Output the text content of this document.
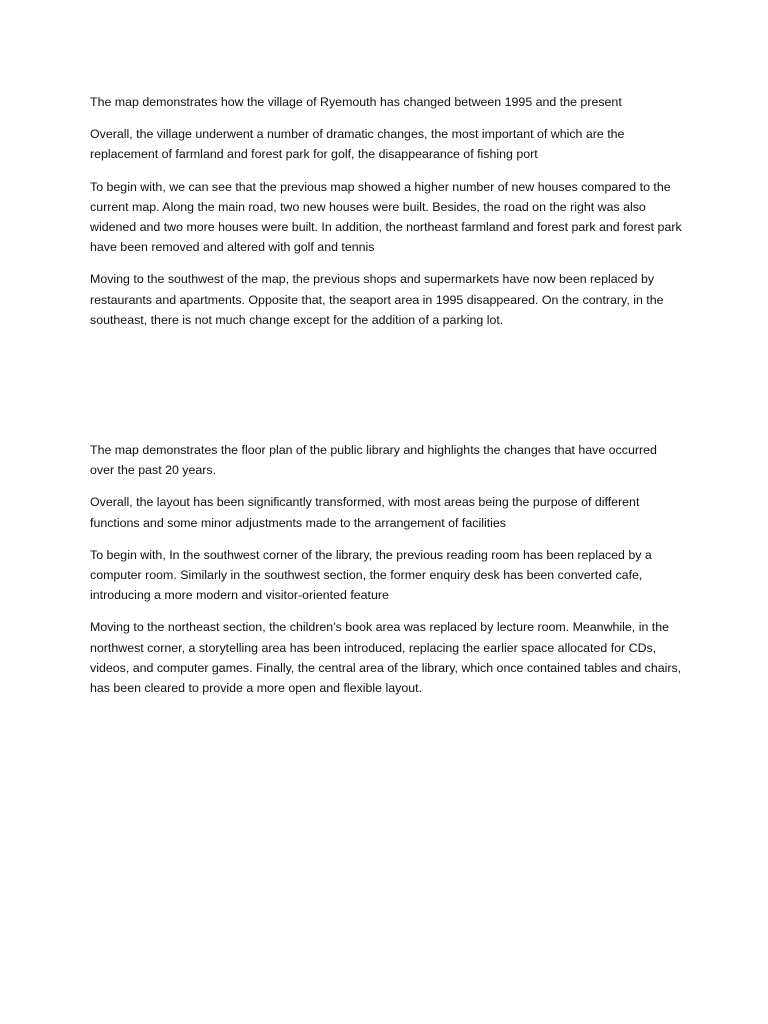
The map demonstrates how the village of Ryemouth has changed between 1995 and the present

Overall, the village underwent a number of dramatic changes, the most important of which are the replacement of farmland and forest park for golf, the disappearance of fishing port

To begin with, we can see that the previous map showed a higher number of new houses compared to the current map. Along the main road, two new houses were built. Besides, the road on the right was also widened and two more houses were built. In addition, the northeast farmland and forest park and forest park have been removed and altered with golf and tennis

Moving to the southwest of the map, the previous shops and supermarkets have now been replaced by restaurants and apartments. Opposite that, the seaport area in 1995 disappeared. On the contrary, in the southeast, there is not much change except for the addition of a parking lot.

The map demonstrates the floor plan of the public library and highlights the changes that have occurred over the past 20 years.

Overall, the layout has been significantly transformed, with most areas being the purpose of different functions and some minor adjustments made to the arrangement of facilities

To begin with, In the southwest corner of the library, the previous reading room has been replaced by a computer room. Similarly in the southwest section, the former enquiry desk has been converted cafe, introducing a more modern and visitor-oriented feature

Moving to the northeast section, the children’s book area was replaced by lecture room. Meanwhile, in the northwest corner, a storytelling area has been introduced, replacing the earlier space allocated for CDs, videos, and computer games. Finally, the central area of the library, which once contained tables and chairs, has been cleared to provide a more open and flexible layout.
